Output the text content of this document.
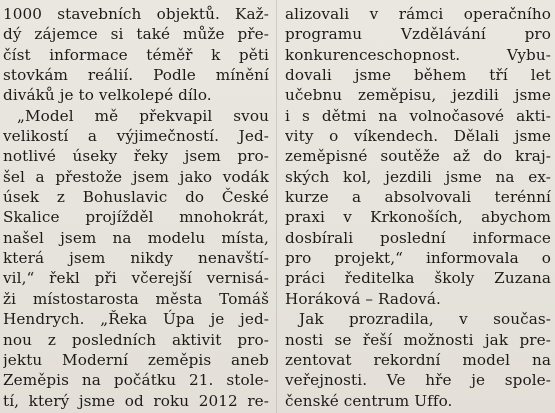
1000 stavebních objektů. Kaž-
dý zájemce si také může pře-
číst informace téměř k pěti
stovkám reálií. Podle mínění
diváků je to velkolepé dílo.
„Model mě překvapil svou
velikostí a výjimečností. Jed-
notlivé úseky řeky jsem pro-
šel a přestože jsem jako vodák
úsek z Bohuslavic do České
Skalice projížděl mnohokrát,
našel jsem na modelu místa,
která jsem nikdy nenavští-
vil,“ řekl při včerejší vernisá-
ži místostarosta města Tomáš
Hendrych. „Řeka Úpa je jed-
nou z posledních aktivit pro-
jektu Moderní zeměpis aneb
Zeměpis na počátku 21. stole-
tí, který jsme od roku 2012 re-
alizovali v rámci operačního
programu Vzdělávání pro
konkurenceschopnost. Vybu-
dovali jsme během tří let
učebnu zeměpisu, jezdili jsme
i s dětmi na volnočasové akti-
vity o víkendech. Dělali jsme
zeměpisné soutěže až do kraj-
ských kol, jezdili jsme na ex-
kurze a absolvovali terénní
praxi v Krkonoších, abychom
dosbírali poslední informace
pro projekt,“ informovala o
práci ředitelka školy Zuzana
Horáková – Radová.
Jak prozradila, v součas-
nosti se řeší možnosti jak pre-
zentovat rekordní model na
veřejnosti. Ve hře je spole-
čenské centrum Uffo.
